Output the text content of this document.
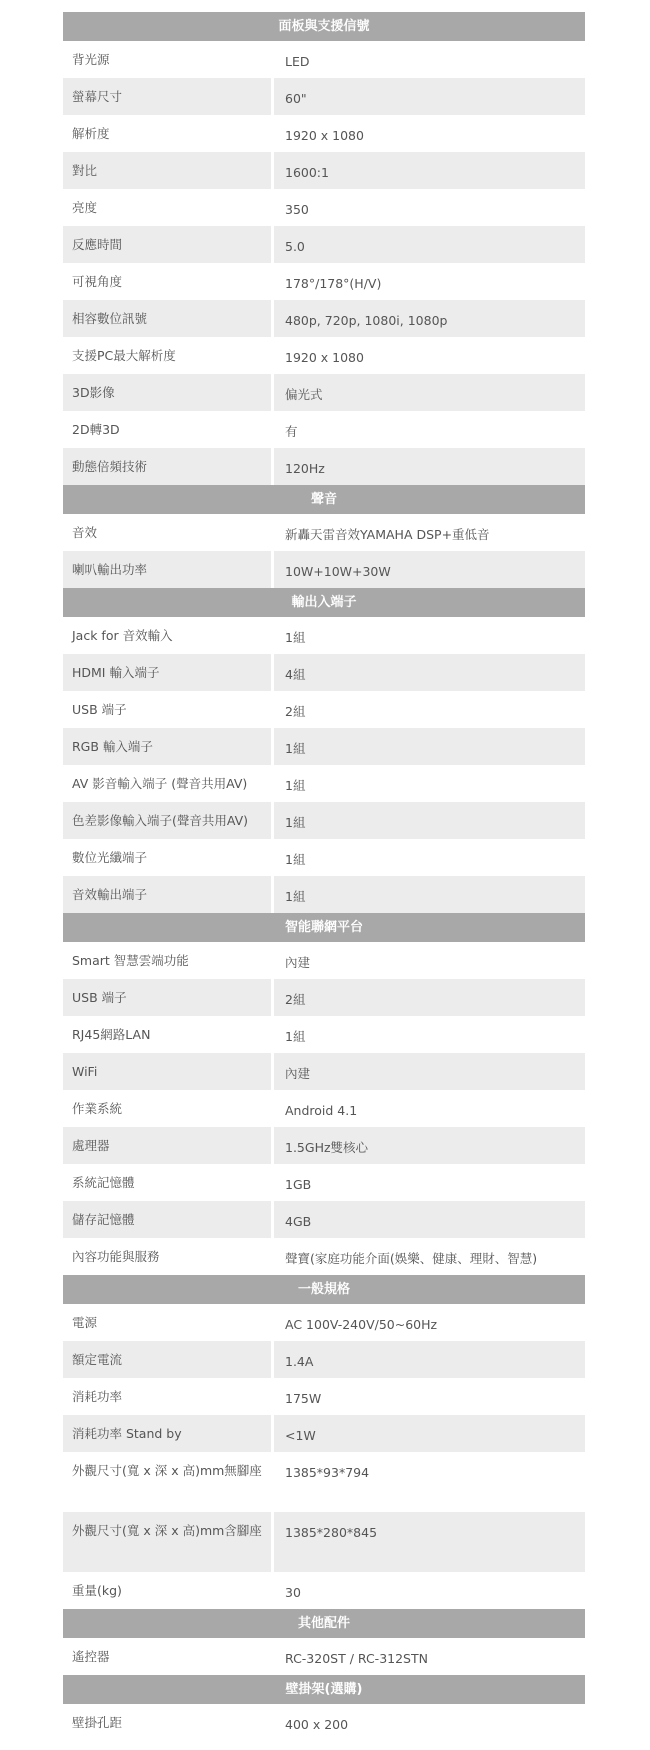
面板與支援信號
背光源	LED
螢幕尺寸	60"
解析度	1920 x 1080
對比	1600:1
亮度	350
反應時間	5.0
可視角度	178°/178°(H/V)
相容數位訊號	480p, 720p, 1080i, 1080p
支援PC最大解析度	1920 x 1080
3D影像	偏光式
2D轉3D	有
動態倍頻技術	120Hz
聲音
音效	新轟天雷音效YAMAHA DSP+重低音
喇叭輸出功率	10W+10W+30W
輸出入端子
Jack for 音效輸入	1組
HDMI 輸入端子	4組
USB 端子	2組
RGB 輸入端子	1組
AV 影音輸入端子 (聲音共用AV)	1組
色差影像輸入端子(聲音共用AV)	1組
數位光纖端子	1組
音效輸出端子	1組
智能聯網平台
Smart 智慧雲端功能	內建
USB 端子	2組
RJ45網路LAN	1組
WiFi	內建
作業系統	Android 4.1
處理器	1.5GHz雙核心
系統記憶體	1GB
儲存記憶體	4GB
內容功能與服務	聲寶(家庭功能介面(娛樂、健康、理財、智慧)
一般規格
電源	AC 100V-240V/50~60Hz
額定電流	1.4A
消耗功率	175W
消耗功率 Stand by	<1W
外觀尺寸(寬 x 深 x 高)mm無腳座	1385*93*794
外觀尺寸(寬 x 深 x 高)mm含腳座	1385*280*845
重量(kg)	30
其他配件
遙控器	RC-320ST / RC-312STN
壁掛架(選購)
壁掛孔距	400 x 200
